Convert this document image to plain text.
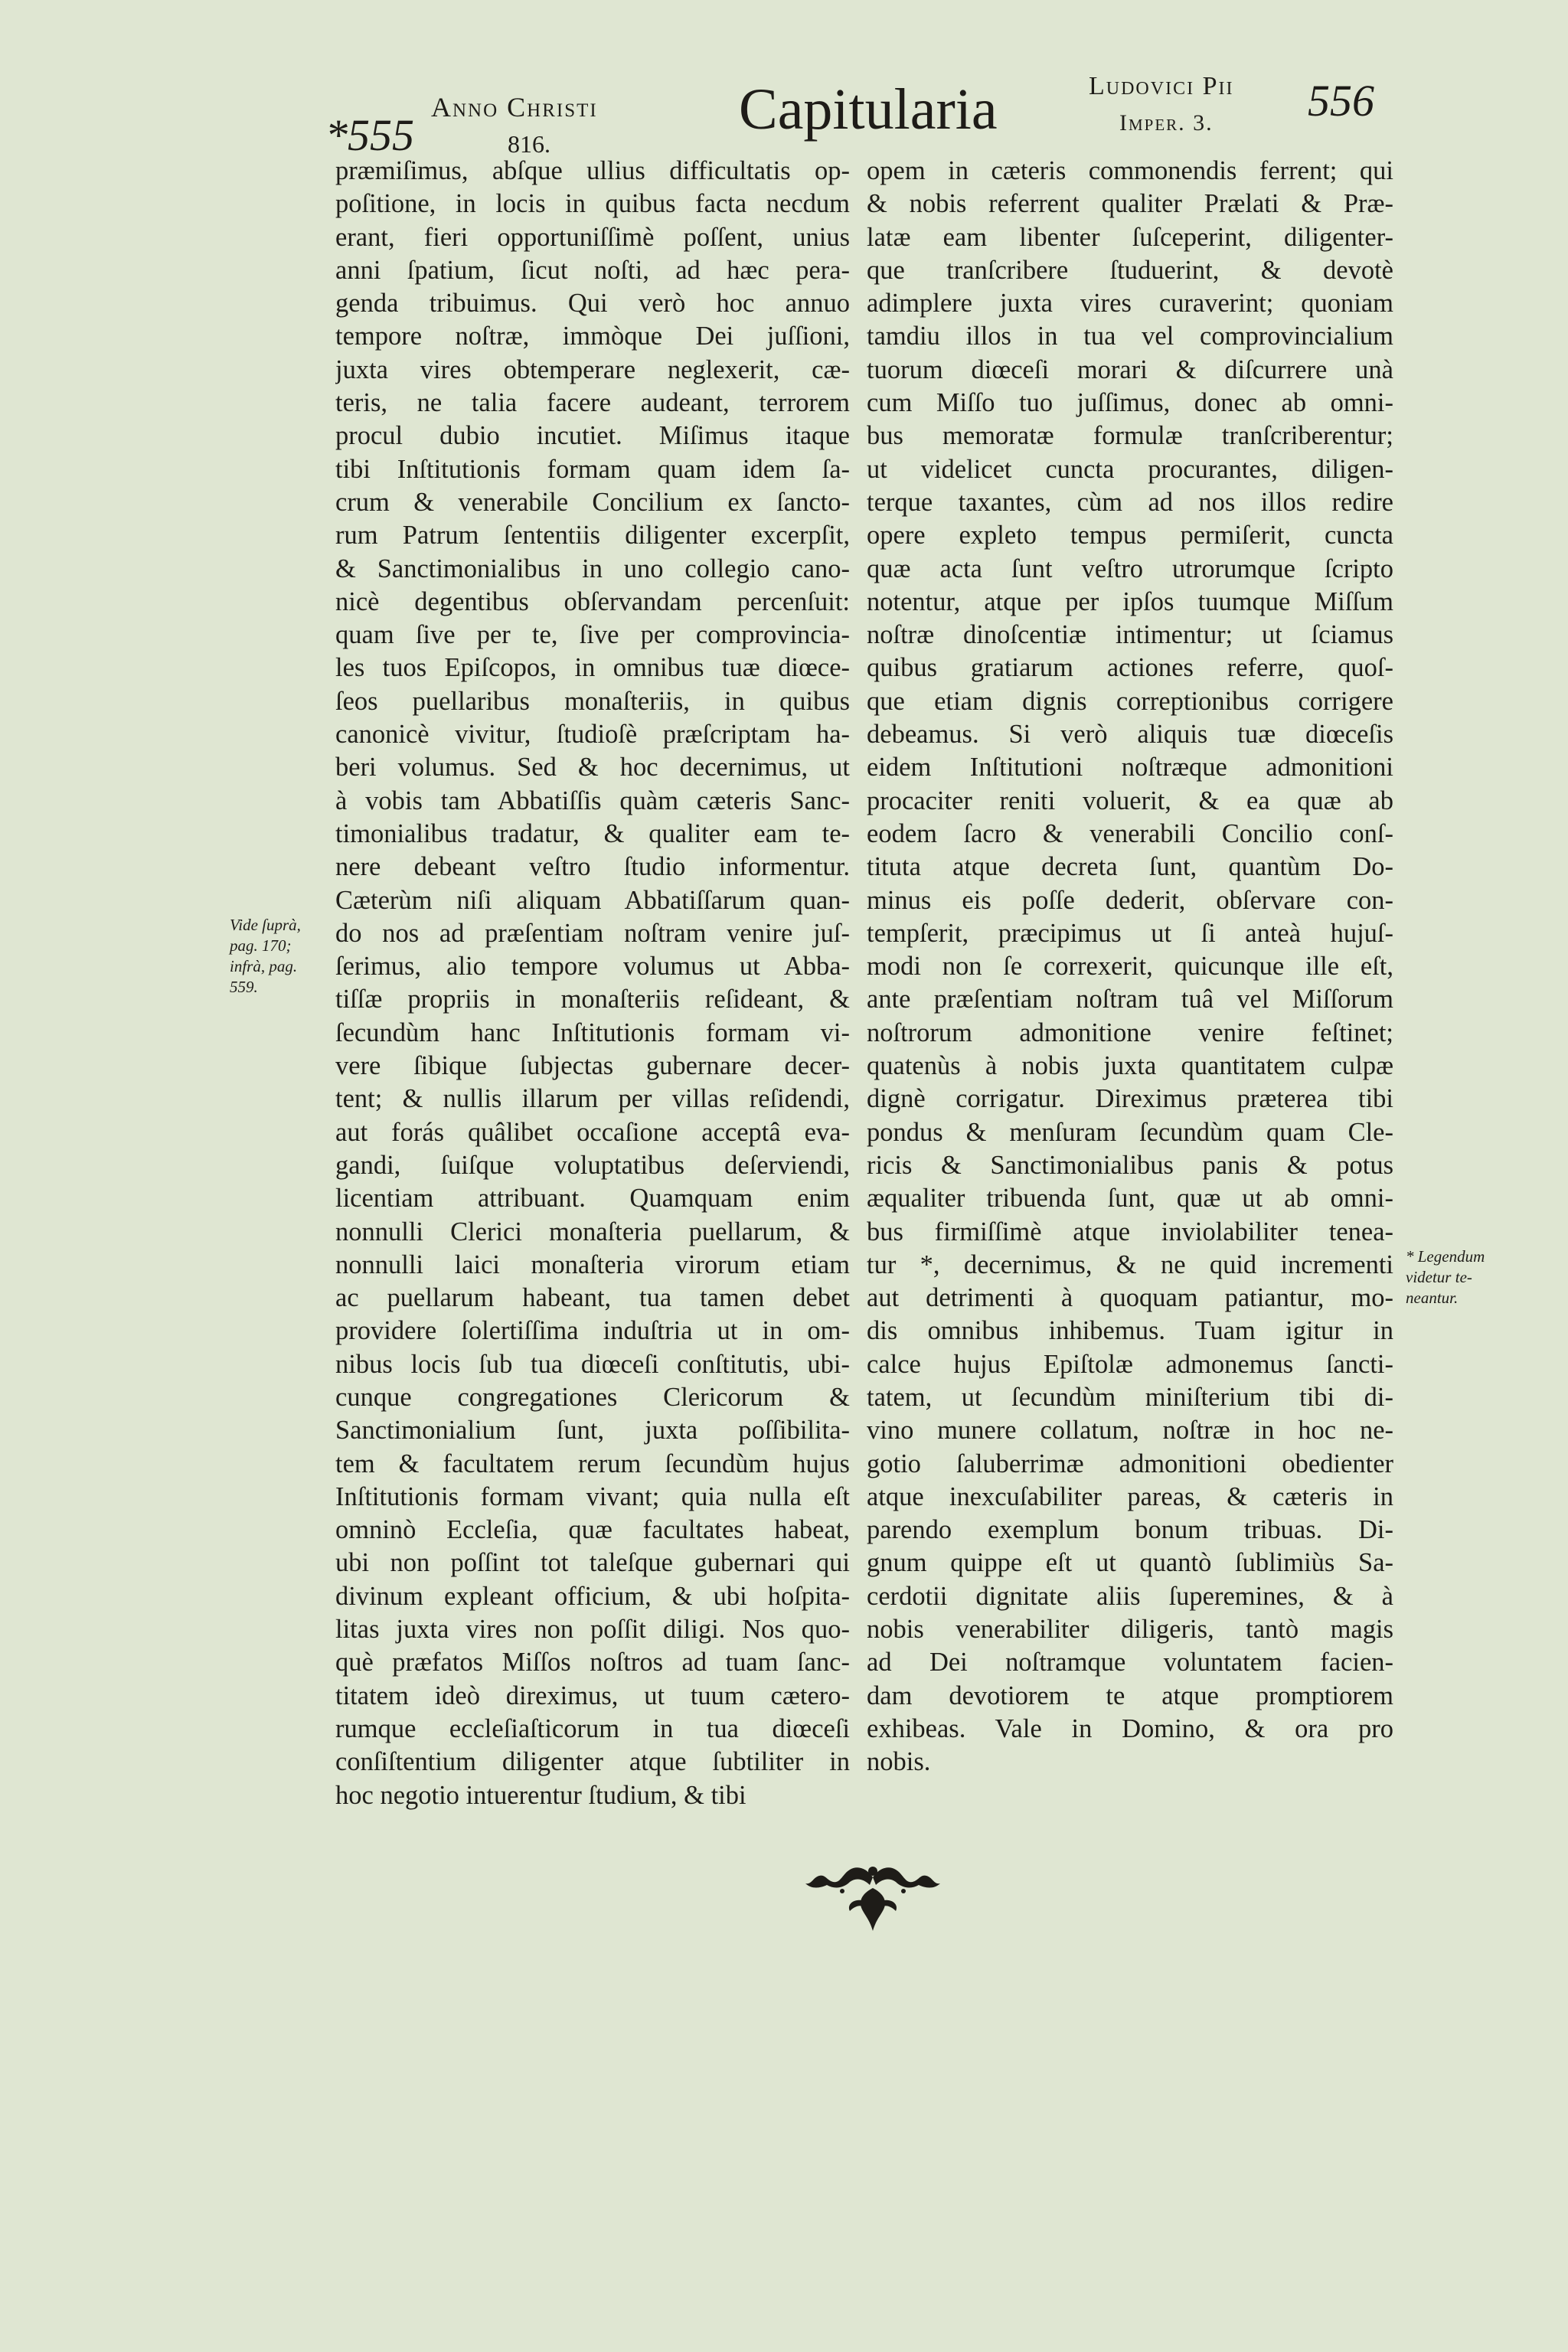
*555
Anno Christi
816.
Capitularia	Ludovici Pii
Imper. 3. 556
præmiſimus, abſque ullius difficultatis op-
poſitione, in locis in quibus facta necdum
erant, fieri opportuniſſimè poſſent, unius
anni ſpatium, ſicut noſti, ad hæc pera-
genda tribuimus. Qui verò hoc annuo
tempore noſtræ, immòque Dei juſſioni,
juxta vires obtemperare neglexerit, cæ-
teris, ne talia facere audeant, terrorem
procul dubio incutiet. Miſimus itaque
tibi Inſtitutionis formam quam idem ſa-
crum & venerabile Concilium ex ſancto-
rum Patrum ſententiis diligenter excerpſit,
& Sanctimonialibus in uno collegio cano-
nicè degentibus obſervandam percenſuit:
quam ſive per te, ſive per comprovincia-
les tuos Epiſcopos, in omnibus tuæ diœce-
ſeos puellaribus monaſteriis, in quibus
canonicè vivitur, ſtudioſè præſcriptam ha-
beri volumus. Sed & hoc decernimus, ut
à vobis tam Abbatiſſis quàm cæteris Sanc-
timonialibus tradatur, & qualiter eam te-
nere debeant veſtro ſtudio informentur.
Cæterùm niſi aliquam Abbatiſſarum quan-
do nos ad præſentiam noſtram venire juſ-
ſerimus, alio tempore volumus ut Abba-
tiſſæ propriis in monaſteriis reſideant, &
ſecundùm hanc Inſtitutionis formam vi-
vere ſibique ſubjectas gubernare decer-
tent; & nullis illarum per villas reſidendi,
aut forás quâlibet occaſione acceptâ eva-
gandi, ſuiſque voluptatibus deſerviendi,
licentiam attribuant. Quamquam enim
nonnulli Clerici monaſteria puellarum, &
nonnulli laici monaſteria virorum etiam
ac puellarum habeant, tua tamen debet
providere ſolertiſſima induſtria ut in om-
nibus locis ſub tua diœceſi conſtitutis, ubi-
cunque congregationes Clericorum &
Sanctimonialium ſunt, juxta poſſibilita-
tem & facultatem rerum ſecundùm hujus
Inſtitutionis formam vivant; quia nulla eſt
omninò Eccleſia, quæ facultates habeat,
ubi non poſſint tot taleſque gubernari qui
divinum expleant officium, & ubi hoſpita-
litas juxta vires non poſſit diligi. Nos quo-
què præfatos Miſſos noſtros ad tuam ſanc-
titatem ideò direximus, ut tuum cætero-
rumque eccleſiaſticorum in tua diœceſi
conſiſtentium diligenter atque ſubtiliter in
hoc negotio intuerentur ſtudium, & tibi
opem in cæteris commonendis ferrent; qui
& nobis referrent qualiter Prælati & Præ-
latæ eam libenter ſuſceperint, diligenter-
que tranſcribere ſtuduerint, & devotè
adimplere juxta vires curaverint; quoniam
tamdiu illos in tua vel comprovincialium
tuorum diœceſi morari & diſcurrere unà
cum Miſſo tuo juſſimus, donec ab omni-
bus memoratæ formulæ tranſcriberentur;
ut videlicet cuncta procurantes, diligen-
terque taxantes, cùm ad nos illos redire
opere expleto tempus permiſerit, cuncta
quæ acta ſunt veſtro utrorumque ſcripto
notentur, atque per ipſos tuumque Miſſum
noſtræ dinoſcentiæ intimentur; ut ſciamus
quibus gratiarum actiones referre, quoſ-
que etiam dignis correptionibus corrigere
debeamus. Si verò aliquis tuæ diœceſis
eidem Inſtitutioni noſtræque admonitioni
procaciter reniti voluerit, & ea quæ ab
eodem ſacro & venerabili Concilio conſ-
tituta atque decreta ſunt, quantùm Do-
minus eis poſſe dederit, obſervare con-
tempſerit, præcipimus ut ſi anteà hujuſ-
modi non ſe correxerit, quicunque ille eſt,
ante præſentiam noſtram tuâ vel Miſſorum
noſtrorum admonitione venire feſtinet;
quatenùs à nobis juxta quantitatem culpæ
dignè corrigatur. Direximus præterea tibi
pondus & menſuram ſecundùm quam Cle-
ricis & Sanctimonialibus panis & potus
æqualiter tribuenda ſunt, quæ ut ab omni-
bus firmiſſimè atque inviolabiliter tenea-
tur *, decernimus, & ne quid incrementi
aut detrimenti à quoquam patiantur, mo-
dis omnibus inhibemus. Tuam igitur in
calce hujus Epiſtolæ admonemus ſancti-
tatem, ut ſecundùm miniſterium tibi di-
vino munere collatum, noſtræ in hoc ne-
gotio ſaluberrimæ admonitioni obedienter
atque inexcuſabiliter pareas, & cæteris in
parendo exemplum bonum tribuas. Di-
gnum quippe eſt ut quantò ſublimiùs Sa-
cerdotii dignitate aliis ſuperemines, & à
nobis venerabiliter diligeris, tantò magis
ad Dei noſtramque voluntatem facien-
dam devotiorem te atque promptiorem
exhibeas. Vale in Domino, & ora pro
nobis.
Vide ſuprà,
pag. 170;
infrà, pag.
559.
* Legendum
videtur te-
neantur.
